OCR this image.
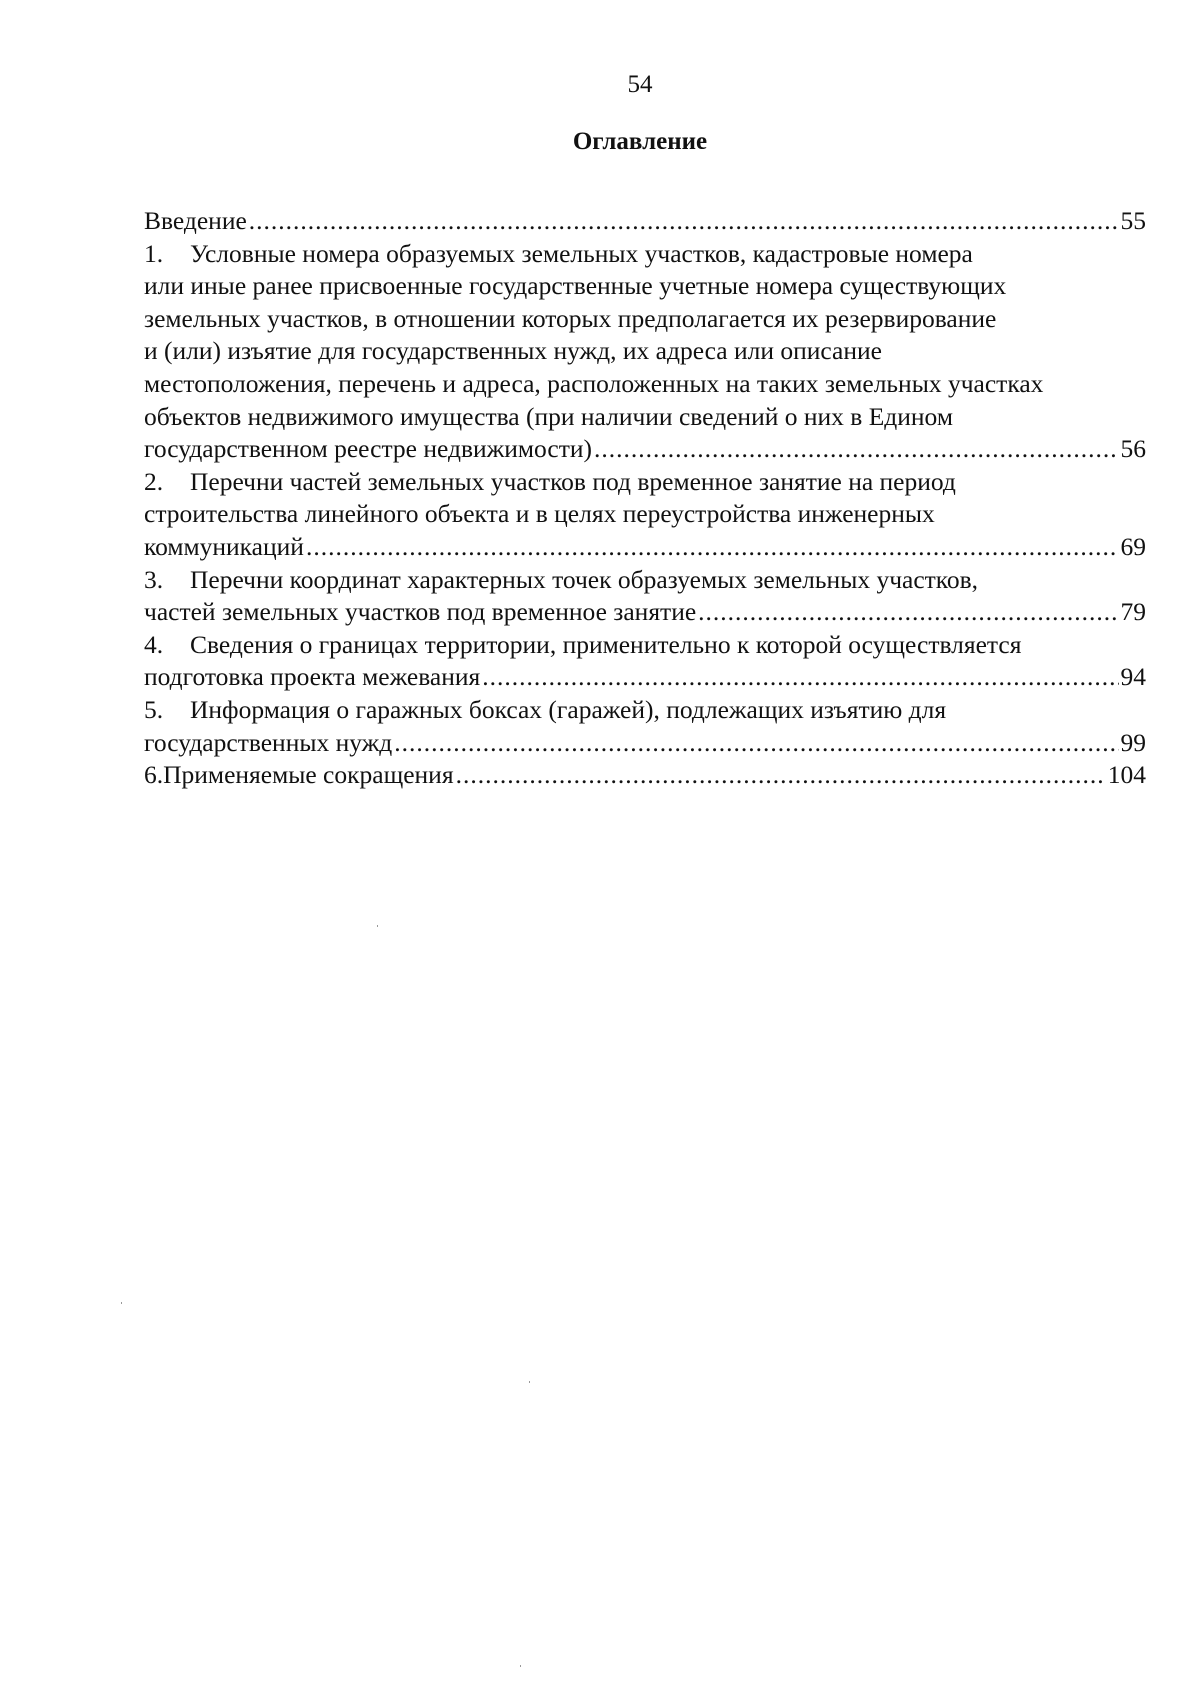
54
Оглавление
Введение .....	55
1. Условные номера образуемых земельных участков, кадастровые номера
или иные ранее присвоенные государственные учетные номера существующих
земельных участков, в отношении которых предполагается их резервирование
и (или) изъятие для государственных нужд, их адреса или описание
местоположения, перечень и адреса, расположенных на таких земельных участках
объектов недвижимого имущества (при наличии сведений о них в Едином
государственном реестре недвижимости) .....	56
2. Перечни частей земельных участков под временное занятие на период
строительства линейного объекта и в целях переустройства инженерных
коммуникаций .....	69
3. Перечни координат характерных точек образуемых земельных участков,
частей земельных участков под временное занятие .....	79
4. Сведения о границах территории, применительно к которой осуществляется
подготовка проекта межевания .....	94
5. Информация о гаражных боксах (гаражей), подлежащих изъятию для
государственных нужд .....	99
6. Применяемые сокращения .....	104
